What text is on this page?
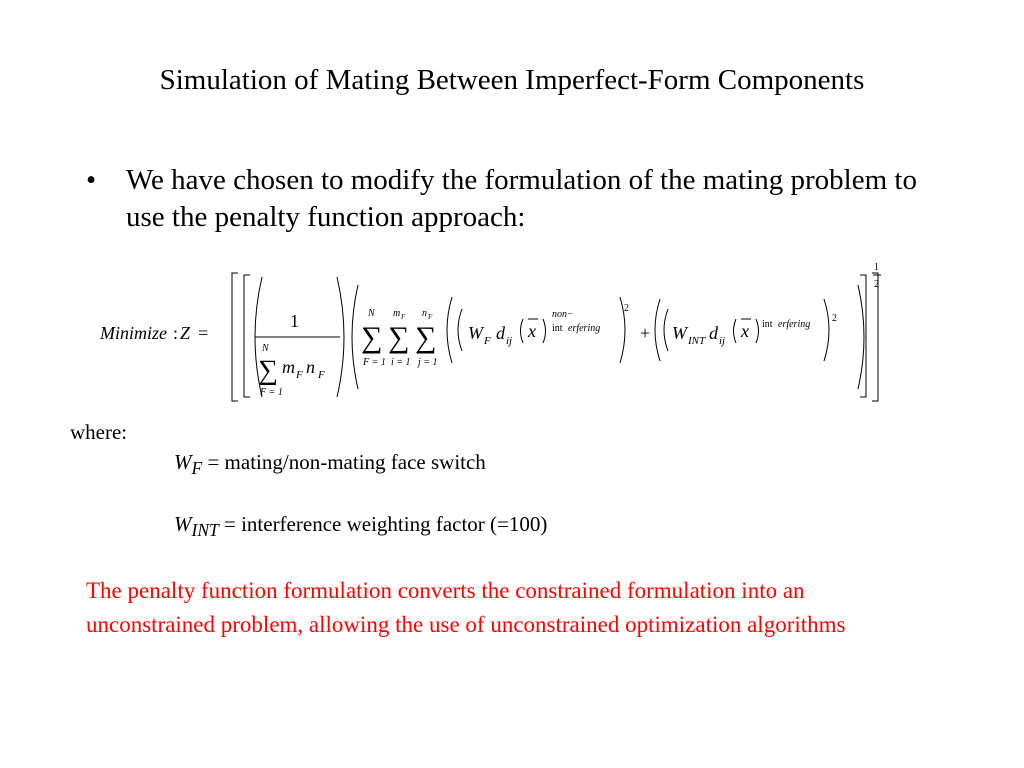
Simulation of Mating Between Imperfect-Form Components
• We have chosen to modify the formulation of the mating problem to use the penalty function approach:
Minimize : Z =
1
N
∑
F = 1
m F n F
N
∑
F = 1
m F
∑
i = 1
n F
∑
j = 1
W F d ij x
non−
int erfering
2
+ W INT d ij x int erfering
2
1
2
where:
$W_F$ = mating/non-mating face switch
$W_{INT}$ = interference weighting factor (=100)
The penalty function formulation converts the constrained formulation into an unconstrained problem, allowing the use of unconstrained optimization algorithms
